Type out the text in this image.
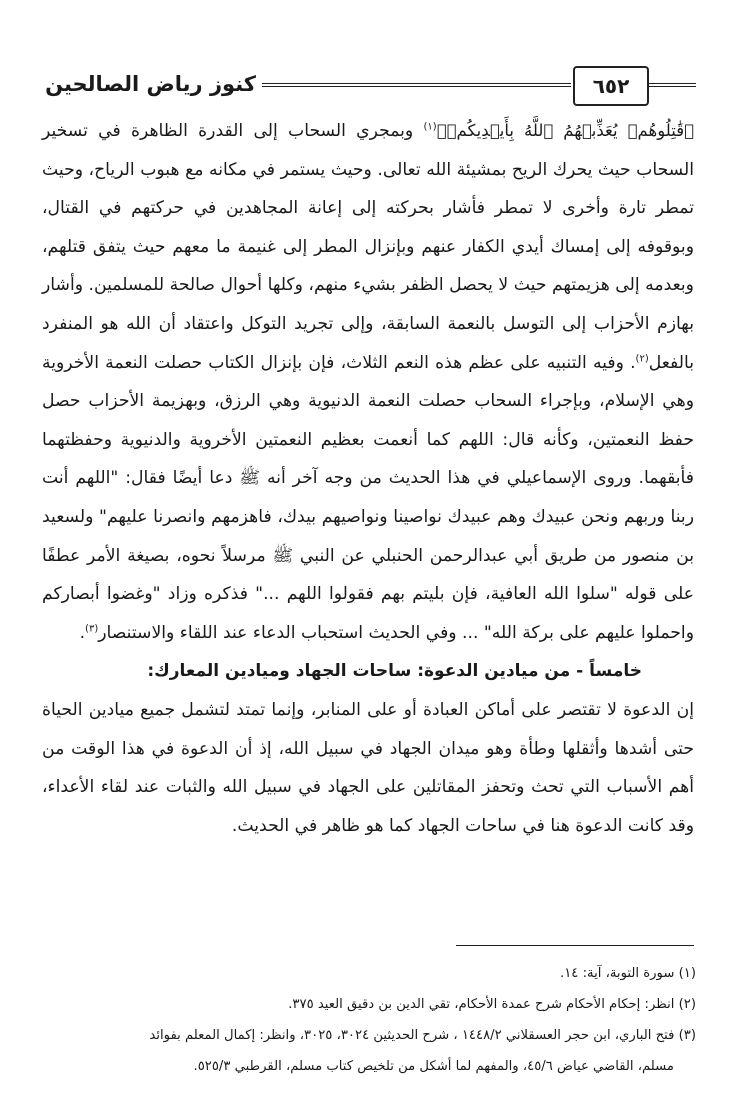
كنوز رياض الصالحين	٦٥٢

﴿قَٰتِلُوهُمۡ يُعَذِّبۡهُمُ ٱللَّهُ بِأَيۡدِيكُمۡ﴾$^{(١)}$ وبمجري السحاب إلى القدرة الظاهرة في تسخير السحاب حيث يحرك الريح بمشيئة الله تعالى. وحيث يستمر في مكانه مع هبوب الرياح، وحيث تمطر تارة وأخرى لا تمطر فأشار بحركته إلى إعانة المجاهدين في حركتهم في القتال، وبوقوفه إلى إمساك أيدي الكفار عنهم وبإنزال المطر إلى غنيمة ما معهم حيث يتفق قتلهم، وبعدمه إلى هزيمتهم حيث لا يحصل الظفر بشيء منهم، وكلها أحوال صالحة للمسلمين. وأشار بهازم الأحزاب إلى التوسل بالنعمة السابقة، وإلى تجريد التوكل واعتقاد أن الله هو المنفرد بالفعل$^{(٢)}$. وفيه التنبيه على عظم هذه النعم الثلاث، فإن بإنزال الكتاب حصلت النعمة الأخروية وهي الإسلام، وبإجراء السحاب حصلت النعمة الدنيوية وهي الرزق، وبهزيمة الأحزاب حصل حفظ النعمتين، وكأنه قال: اللهم كما أنعمت بعظيم النعمتين الأخروية والدنيوية وحفظتهما فأبقهما. وروى الإسماعيلي في هذا الحديث من وجه آخر أنه ﷺ دعا أيضًا فقال: "اللهم أنت ربنا وربهم ونحن عبيدك وهم عبيدك نواصينا ونواصيهم بيدك، فاهزمهم وانصرنا عليهم" ولسعيد بن منصور من طريق أبي عبدالرحمن الحنبلي عن النبي ﷺ مرسلاً نحوه، بصيغة الأمر عطفًا على قوله "سلوا الله العافية، فإن بليتم بهم فقولوا اللهم ..." فذكره وزاد "وغضوا أبصاركم واحملوا عليهم على بركة الله" ... وفي الحديث استحباب الدعاء عند اللقاء والاستنصار$^{(٣)}$.

خامساً - من ميادين الدعوة: ساحات الجهاد وميادين المعارك:

إن الدعوة لا تقتصر على أماكن العبادة أو على المنابر، وإنما تمتد لتشمل جميع ميادين الحياة حتى أشدها وأثقلها وطأة وهو ميدان الجهاد في سبيل الله، إذ أن الدعوة في هذا الوقت من أهم الأسباب التي تحث وتحفز المقاتلين على الجهاد في سبيل الله والثبات عند لقاء الأعداء، وقد كانت الدعوة هنا في ساحات الجهاد كما هو ظاهر في الحديث.

(١) سورة التوبة، آية: ١٤.

(٢) انظر: إحكام الأحكام شرح عمدة الأحكام، تقي الدين بن دقيق العيد ٣٧٥.

(٣) فتح الباري، ابن حجر العسقلاني ١٤٤٨/٢ ، شرح الحديثين ٣٠٢٤، ٣٠٢٥، وانظر: إكمال المعلم بفوائد

مسلم، القاضي عياض ٤٥/٦، والمفهم لما أشكل من تلخيص كتاب مسلم، القرطبي ٥٢٥/٣.
